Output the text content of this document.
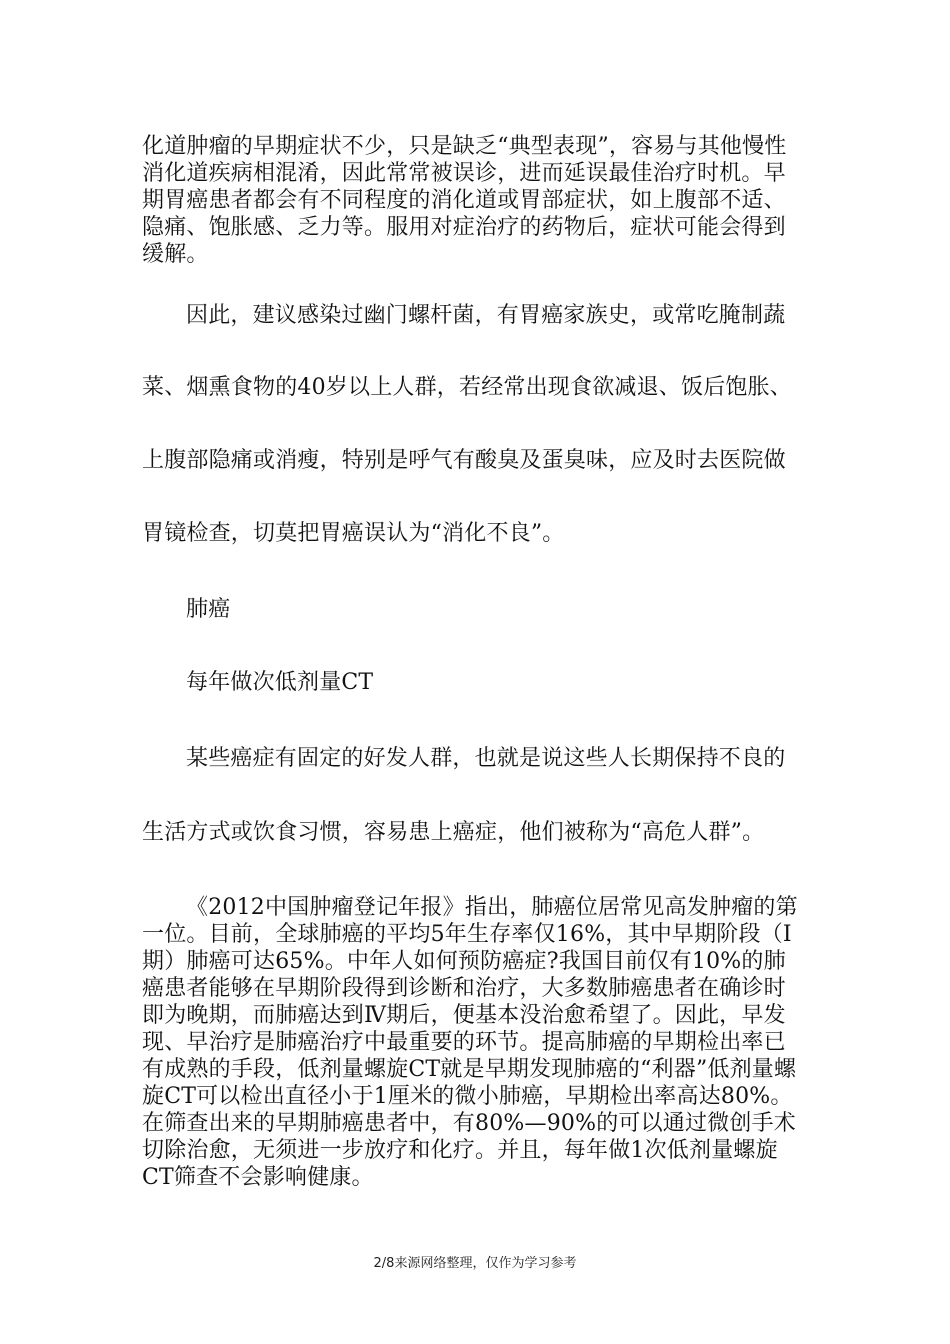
化道肿瘤的早期症状不少，只是缺乏“典型表现”，容易与其他慢性消化道疾病相混淆，因此常常被误诊，进而延误最佳治疗时机。早期胃癌患者都会有不同程度的消化道或胃部症状，如上腹部不适、隐痛、饱胀感、乏力等。服用对症治疗的药物后，症状可能会得到缓解。

因此，建议感染过幽门螺杆菌，有胃癌家族史，或常吃腌制蔬

菜、烟熏食物的40岁以上人群，若经常出现食欲减退、饭后饱胀、

上腹部隐痛或消瘦，特别是呼气有酸臭及蛋臭味，应及时去医院做

胃镜检查，切莫把胃癌误认为“消化不良”。

肺癌

每年做次低剂量CT

某些癌症有固定的好发人群，也就是说这些人长期保持不良的

生活方式或饮食习惯，容易患上癌症，他们被称为“高危人群”。

《2012中国肿瘤登记年报》指出，肺癌位居常见高发肿瘤的第一位。目前，全球肺癌的平均5年生存率仅16%，其中早期阶段（I期）肺癌可达65%。中年人如何预防癌症?我国目前仅有10%的肺癌患者能够在早期阶段得到诊断和治疗，大多数肺癌患者在确诊时即为晚期，而肺癌达到Ⅳ期后，便基本没治愈希望了。因此，早发现、早治疗是肺癌治疗中最重要的环节。提高肺癌的早期检出率已有成熟的手段，低剂量螺旋CT就是早期发现肺癌的“利器”低剂量螺旋CT可以检出直径小于1厘米的微小肺癌，早期检出率高达80%。在筛查出来的早期肺癌患者中，有80%—90%的可以通过微创手术切除治愈，无须进一步放疗和化疗。并且，每年做1次低剂量螺旋CT筛查不会影响健康。

2/8来源网络整理，仅作为学习参考
